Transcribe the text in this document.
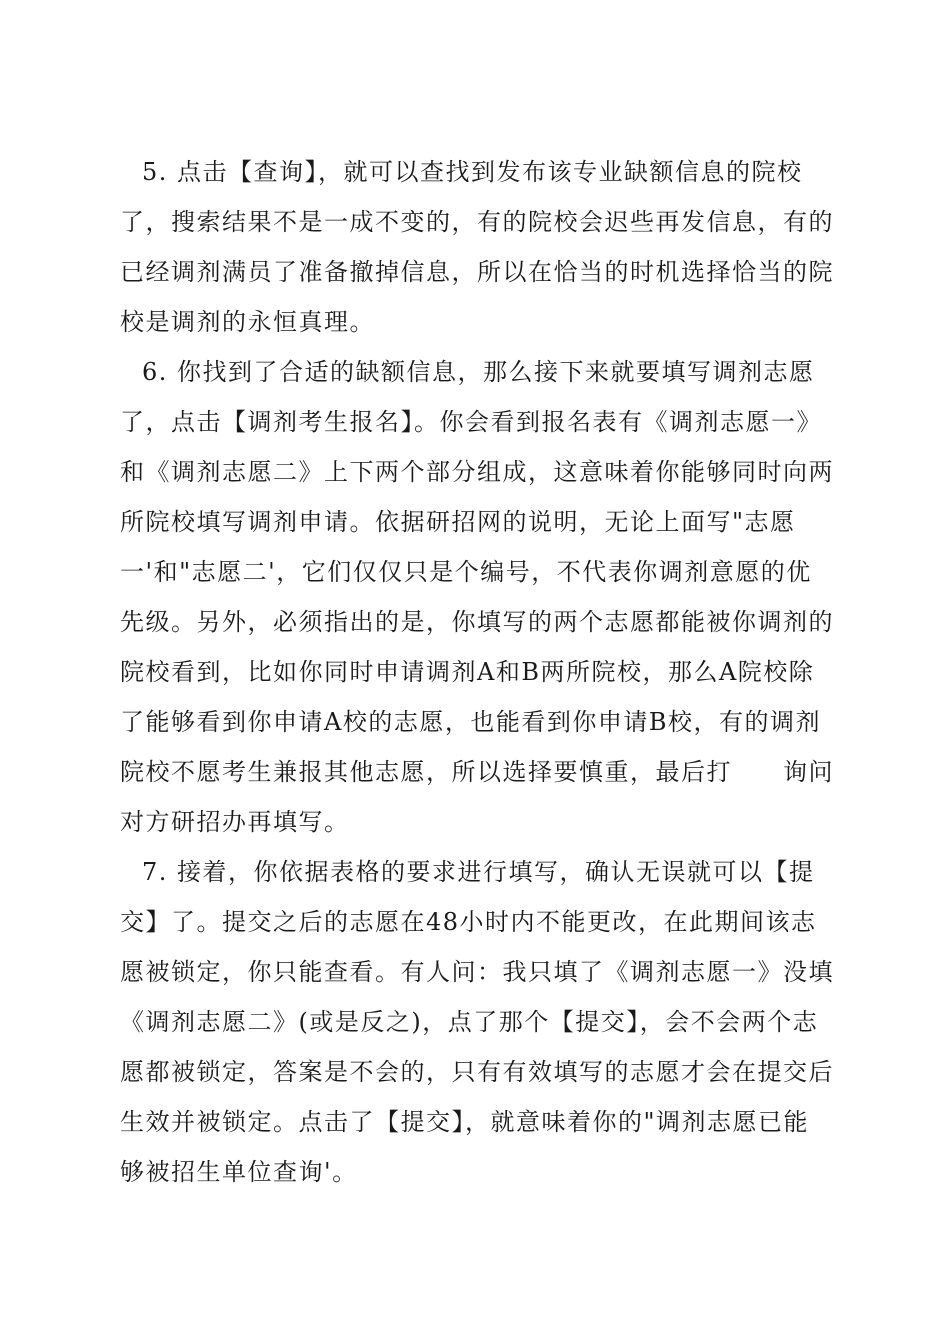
5. 点击【查询】，就可以查找到发布该专业缺额信息的院校
了，搜索结果不是一成不变的，有的院校会迟些再发信息，有的
已经调剂满员了准备撤掉信息，所以在恰当的时机选择恰当的院
校是调剂的永恒真理。
6. 你找到了合适的缺额信息，那么接下来就要填写调剂志愿
了，点击【调剂考生报名】。你会看到报名表有《调剂志愿一》
和《调剂志愿二》上下两个部分组成，这意味着你能够同时向两
所院校填写调剂申请。依据研招网的说明，无论上面写"志愿
一'和"志愿二'，它们仅仅只是个编号，不代表你调剂意愿的优
先级。另外，必须指出的是，你填写的两个志愿都能被你调剂的
院校看到，比如你同时申请调剂A和B两所院校，那么A院校除
了能够看到你申请A校的志愿，也能看到你申请B校，有的调剂
院校不愿考生兼报其他志愿，所以选择要慎重，最后打　　询问
对方研招办再填写。
7. 接着，你依据表格的要求进行填写，确认无误就可以【提
交】了。提交之后的志愿在48小时内不能更改，在此期间该志
愿被锁定，你只能查看。有人问：我只填了《调剂志愿一》没填
《调剂志愿二》(或是反之)，点了那个【提交】，会不会两个志
愿都被锁定，答案是不会的，只有有效填写的志愿才会在提交后
生效并被锁定。点击了【提交】，就意味着你的"调剂志愿已能
够被招生单位查询'。
